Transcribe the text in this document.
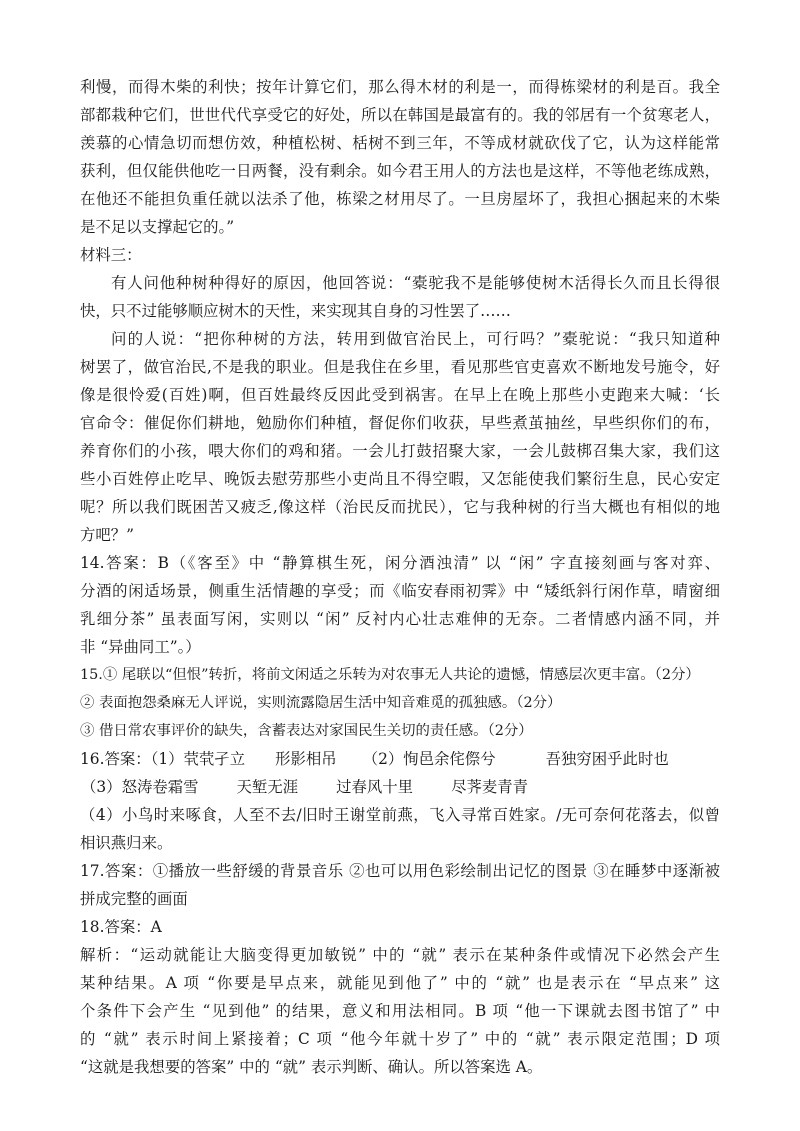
利慢，而得木柴的利快；按年计算它们，那么得木材的利是一，而得栋梁材的利是百。我全
部都栽种它们，世世代代享受它的好处，所以在韩国是最富有的。我的邻居有一个贫寒老人，
羡慕的心情急切而想仿效，种植松树、栝树不到三年，不等成材就砍伐了它，认为这样能常
获利，但仅能供他吃一日两餐，没有剩余。如今君王用人的方法也是这样，不等他老练成熟，
在他还不能担负重任就以法杀了他，栋梁之材用尽了。一旦房屋坏了，我担心捆起来的木柴
是不足以支撑起它的。”
材料三：
有人问他种树种得好的原因，他回答说：“橐驼我不是能够使树木活得长久而且长得很
快，只不过能够顺应树木的天性，来实现其自身的习性罢了……
问的人说：“把你种树的方法，转用到做官治民上，可行吗？”橐驼说：“我只知道种
树罢了，做官治民,不是我的职业。但是我住在乡里，看见那些官吏喜欢不断地发号施令，好
像是很怜爱(百姓)啊，但百姓最终反因此受到祸害。在早上在晚上那些小吏跑来大喊：‘长
官命令：催促你们耕地，勉励你们种植，督促你们收获，早些煮茧抽丝，早些织你们的布，
养育你们的小孩，喂大你们的鸡和猪。一会儿打鼓招聚大家，一会儿鼓梆召集大家，我们这
些小百姓停止吃早、晚饭去慰劳那些小吏尚且不得空暇，又怎能使我们繁衍生息，民心安定
呢？所以我们既困苦又疲乏,像这样（治民反而扰民），它与我种树的行当大概也有相似的地
方吧？”
14.答案：B（《客至》中 “静算棋生死，闲分酒浊清” 以 “闲” 字直接刻画与客对弈、
分酒的闲适场景，侧重生活情趣的享受；而《临安春雨初霁》中 “矮纸斜行闲作草，晴窗细
乳细分茶” 虽表面写闲，实则以 “闲” 反衬内心壮志难伸的无奈。二者情感内涵不同，并
非 “异曲同工”。）
15.① 尾联以“但恨”转折，将前文闲适之乐转为对农事无人共论的遗憾，情感层次更丰富。（2分）
② 表面抱怨桑麻无人评说，实则流露隐居生活中知音难觅的孤独感。（2分）
③ 借日常农事评价的缺失，含蓄表达对家国民生关切的责任感。（2分）
16.答案：（1）茕茕孑立 形影相吊 （2）恂邑余侘傺兮	吾独穷困乎此时也
（3）怒涛卷霜雪 天堑无涯 过春风十里 尽荠麦青青
（4）小鸟时来啄食，人至不去/旧时王谢堂前燕，飞入寻常百姓家。/无可奈何花落去，似曾
相识燕归来。
17.答案：①播放一些舒缓的背景音乐 ②也可以用色彩绘制出记忆的图景 ③在睡梦中逐渐被
拼成完整的画面
18.答案：A
解析：“运动就能让大脑变得更加敏锐” 中的 “就” 表示在某种条件或情况下必然会产生
某种结果。A 项 “你要是早点来，就能见到他了” 中的 “就” 也是表示在 “早点来” 这
个条件下会产生 “见到他” 的结果，意义和用法相同。B 项 “他一下课就去图书馆了” 中
的 “就” 表示时间上紧接着；C 项 “他今年就十岁了” 中的 “就” 表示限定范围；D 项
“这就是我想要的答案” 中的 “就” 表示判断、确认。所以答案选 A。
